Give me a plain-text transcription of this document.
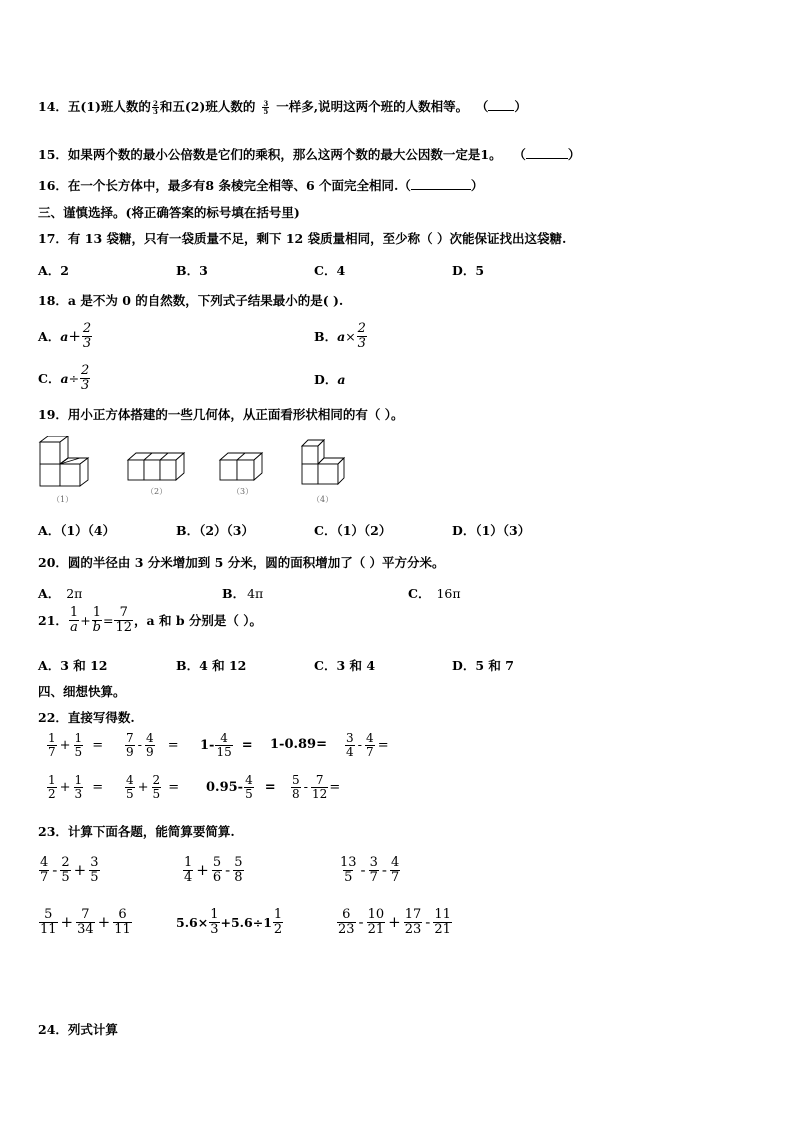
14．五(1)班人数的 $\frac{2}{3}$ 和五(2)班人数的 $\frac{3}{5}$ 一样多,说明这两个班的人数相等。 （ ）
15．如果两个数的最小公倍数是它们的乘积，那么这两个数的最大公因数一定是1。 （	）
16．在一个长方体中，最多有8 条棱完全相等、6 个面完全相同.（	）
三、谨慎选择。(将正确答案的标号填在括号里)
17．有 13 袋糖，只有一袋质量不足，剩下 12 袋质量相同，至少称（ ）次能保证找出这袋糖.
A．2	B．3	C．4	D．5
18．a 是不为 0 的自然数，下列式子结果最小的是( ).
A． $a + \frac{2}{3}$	B． $a \times \frac{2}{3}$
C． $a \div \frac{2}{3}$	D．a
19．用小正方体搭建的一些几何体，从正面看形状相同的有（ ）。
（1）
（2）	（3）
（4）
A．（1）（4）	B．（2）（3）	C．（1）（2）	D．（1）（3）
20．圆的半径由 3 分米增加到 5 分米，圆的面积增加了（ ）平方分米。
A． 2π	B． 4π	C． 16π
21． $\frac{1}{a} + \frac{1}{b} = \frac{7}{12}$ ，a 和 b 分别是（ ）。
A．3 和 12	B．4 和 12	C．3 和 4	D．5 和 7
四、细想快算。
22．直接写得数.
$\frac{1}{7} + \frac{1}{5} = \frac{7}{9} - \frac{4}{9} = 1- \frac{4}{15} = 1-0.89= \frac{3}{4} - \frac{4}{7}$ =
$\frac{1}{2} + \frac{1}{3} = \frac{4}{5} + \frac{2}{5} = 0.95- \frac{4}{5} = \frac{5}{8} - \frac{7}{12}$ =
23．计算下面各题，能简算要简算.
$\frac{4}{7} - \frac{2}{5} + \frac{3}{5}$	$\frac{1}{4} + \frac{5}{6} - \frac{5}{8}$	$\frac{13}{5} - \frac{3}{7} - \frac{4}{7}$
$\frac{5}{11} + \frac{7}{34} + \frac{6}{11}$	$5.6\times \frac{1}{3} +5.6\div 1 \frac{1}{2}$	$\frac{6}{23} - \frac{10}{21} + \frac{17}{23} - \frac{11}{21}$
24．列式计算
